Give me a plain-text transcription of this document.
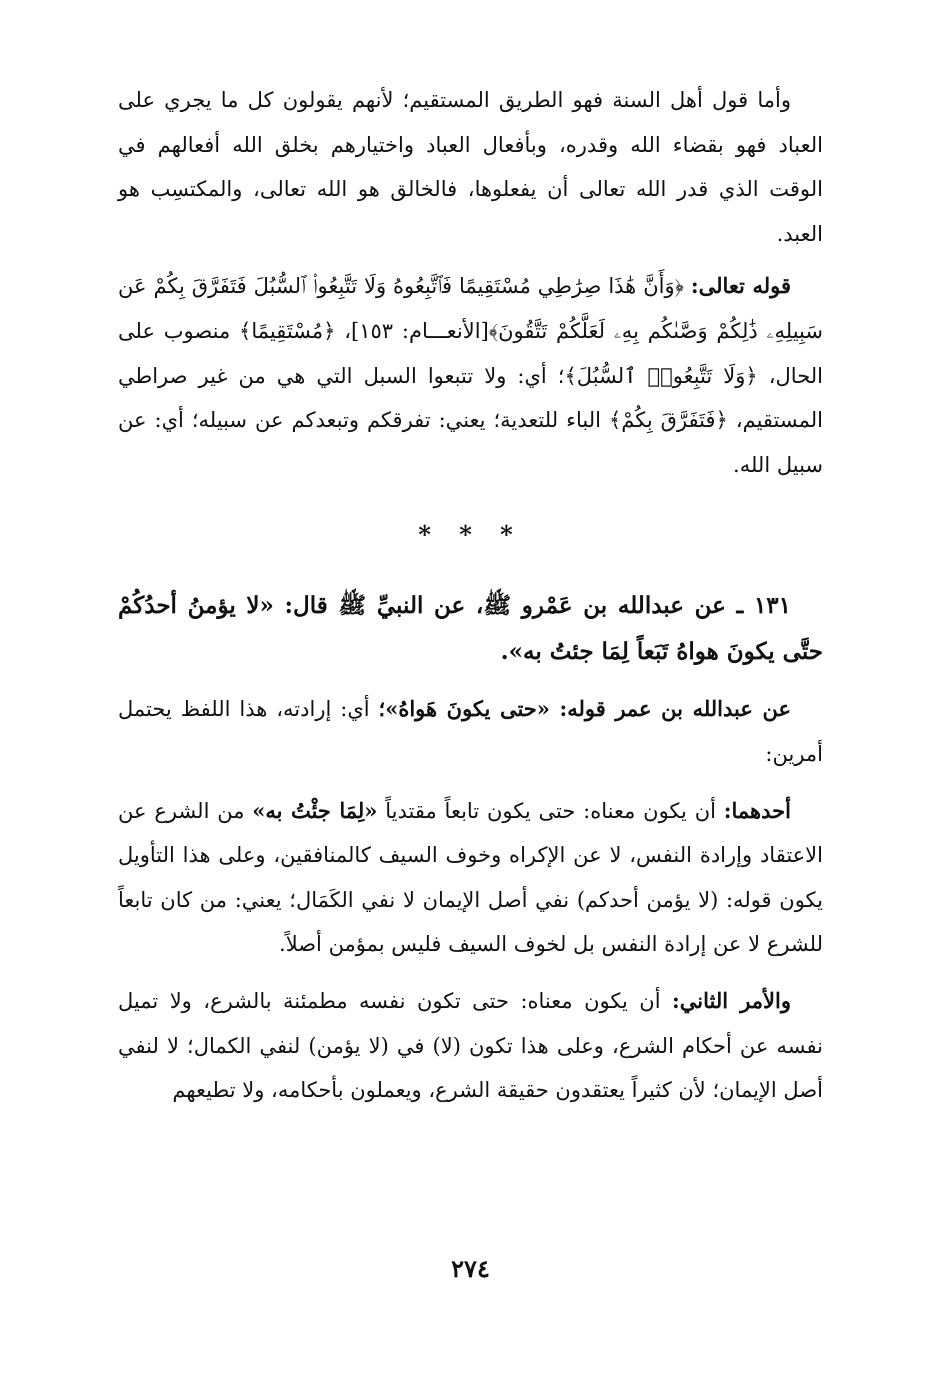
وأما قول أهل السنة فهو الطريق المستقيم؛ لأنهم يقولون كل ما يجري على العباد فهو بقضاء الله وقدره، وبأفعال العباد واختيارهم بخلق الله أفعالهم في الوقت الذي قدر الله تعالى أن يفعلوها، فالخالق هو الله تعالى، والمكتسِب هو العبد.

قوله تعالى: ﴿وَأَنَّ هَٰذَا صِرَٰطِي مُسْتَقِيمًا فَٱتَّبِعُوهُ وَلَا تَتَّبِعُوا۟ ٱلسُّبُلَ فَتَفَرَّقَ بِكُمْ عَن سَبِيلِهِۦ ذَٰلِكُمْ وَصَّىٰكُم بِهِۦ لَعَلَّكُمْ تَتَّقُونَ﴾[الأنعـــام: ١٥٣]، ﴿مُسْتَقِيمًا﴾ منصوب على الحال، ﴿وَلَا تَتَّبِعُوا۟ ٱلسُّبُلَ﴾؛ أي: ولا تتبعوا السبل التي هي من غير صراطي المستقيم، ﴿فَتَفَرَّقَ بِكُمْ﴾ الباء للتعدية؛ يعني: تفرقكم وتبعدكم عن سبيله؛ أي: عن سبيل الله.

* * *

١٣١ ـ عن عبدالله بن عَمْرو ﷺ، عن النبيِّ ﷺ قال: «لا يؤمنُ أحدُكُمْ حتَّى يكونَ هواهُ تَبَعاً لِمَا جئتُ به».

عن عبدالله بن عمر قوله: «حتى يكونَ هَواهُ»؛ أي: إرادته، هذا اللفظ يحتمل أمرين:

أحدهما: أن يكون معناه: حتى يكون تابعاً مقتدياً «لِمَا جئْتُ به» من الشرع عن الاعتقاد وإرادة النفس، لا عن الإكراه وخوف السيف كالمنافقين، وعلى هذا التأويل يكون قوله: (لا يؤمن أحدكم) نفي أصل الإيمان لا نفي الكَمَال؛ يعني: من كان تابعاً للشرع لا عن إرادة النفس بل لخوف السيف فليس بمؤمن أصلاً.

والأمر الثاني: أن يكون معناه: حتى تكون نفسه مطمئنة بالشرع، ولا تميل نفسه عن أحكام الشرع، وعلى هذا تكون (لا) في (لا يؤمن) لنفي الكمال؛ لا لنفي أصل الإيمان؛ لأن كثيراً يعتقدون حقيقة الشرع، ويعملون بأحكامه، ولا تطيعهم

٢٧٤
